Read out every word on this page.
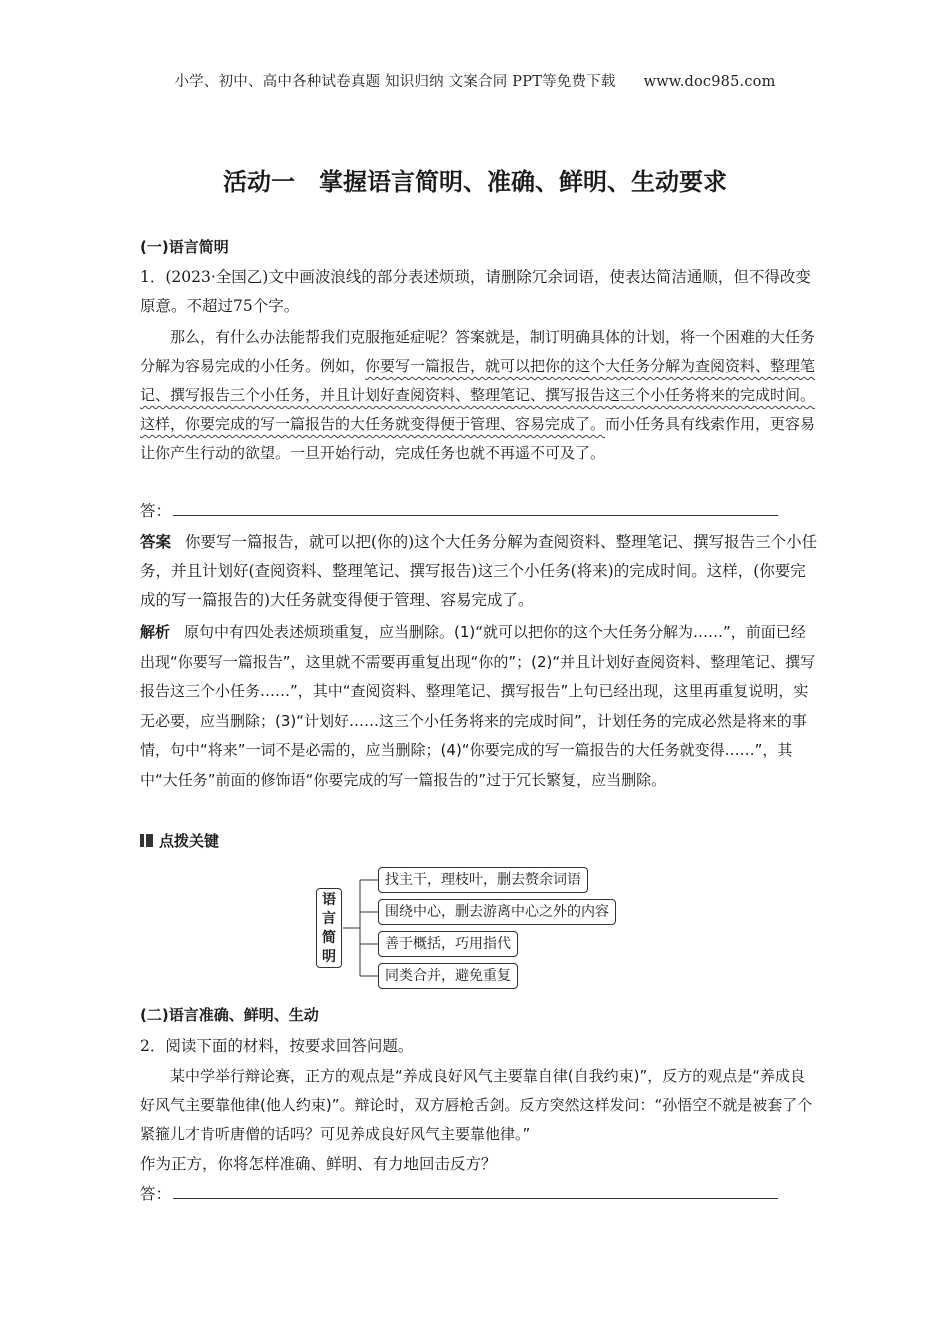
小学、初中、高中各种试卷真题 知识归纳 文案合同 PPT等免费下载 www.doc985.com
活动一　掌握语言简明、准确、鲜明、生动要求
(一)语言简明
1．(2023·全国乙)文中画波浪线的部分表述烦琐，请删除冗余词语，使表达简洁通顺，但不得改变原意。不超过75个字。
那么，有什么办法能帮我们克服拖延症呢？答案就是，制订明确具体的计划，将一个困难的大任务分解为容易完成的小任务。例如，你要写一篇报告，就可以把你的这个大任务分解为查阅资料、整理笔记、撰写报告三个小任务，并且计划好查阅资料、整理笔记、撰写报告这三个小任务将来的完成时间。这样，你要完成的写一篇报告的大任务就变得便于管理、容易完成了。而小任务具有线索作用，更容易让你产生行动的欲望。一旦开始行动，完成任务也就不再遥不可及了。
答：
答案 你要写一篇报告，就可以把(你的)这个大任务分解为查阅资料、整理笔记、撰写报告三个小任务，并且计划好(查阅资料、整理笔记、撰写报告)这三个小任务(将来)的完成时间。这样，(你要完成的写一篇报告的)大任务就变得便于管理、容易完成了。
解析 原句中有四处表述烦琐重复，应当删除。(1)“就可以把你的这个大任务分解为……”，前面已经出现“你要写一篇报告”，这里就不需要再重复出现“你的”；(2)“并且计划好查阅资料、整理笔记、撰写报告这三个小任务……”，其中“查阅资料、整理笔记、撰写报告”上句已经出现，这里再重复说明，实无必要，应当删除；(3)“计划好……这三个小任务将来的完成时间”，计划任务的完成必然是将来的事情，句中“将来”一词不是必需的，应当删除；(4)“你要完成的写一篇报告的大任务就变得……”，其中“大任务”前面的修饰语“你要完成的写一篇报告的”过于冗长繁复，应当删除。
点拨关键
语言简明
找主干，理枝叶，删去赘余词语
围绕中心，删去游离中心之外的内容
善于概括，巧用指代
同类合并，避免重复
(二)语言准确、鲜明、生动
2．阅读下面的材料，按要求回答问题。
某中学举行辩论赛，正方的观点是“养成良好风气主要靠自律(自我约束)”，反方的观点是“养成良好风气主要靠他律(他人约束)”。辩论时，双方唇枪舌剑。反方突然这样发问：“孙悟空不就是被套了个紧箍儿才肯听唐僧的话吗？可见养成良好风气主要靠他律。”
作为正方，你将怎样准确、鲜明、有力地回击反方？
答：
